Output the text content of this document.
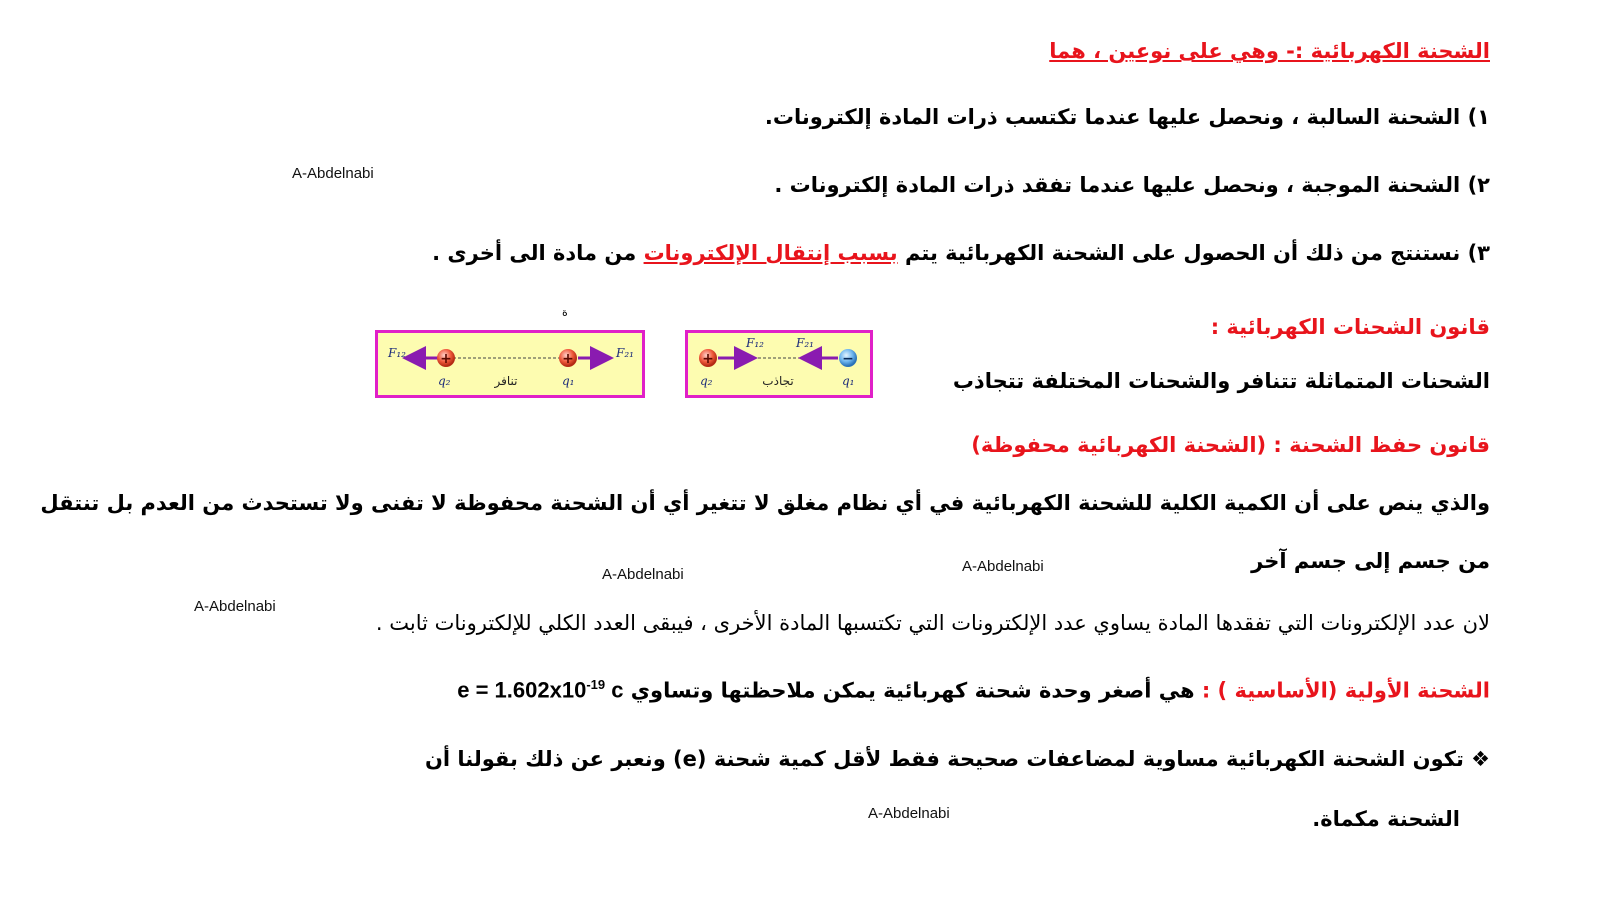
الشحنة الكهربائية :- وهي على نوعين ، هما
١) الشحنة السالبة ، ونحصل عليها عندما تكتسب ذرات المادة إلكترونات.
٢) الشحنة الموجبة ، ونحصل عليها عندما تفقد ذرات المادة إلكترونات .
٣) نستنتج من ذلك أن الحصول على الشحنة الكهربائية يتم بسبب إنتقال الإلكترونات من مادة الى أخرى .
قانون الشحنات الكهربائية :
الشحنات المتماثلة تتنافر والشحنات المختلفة تتجاذب
ة
+	+
F₁₂	F₂₁
q₂	q₁
تنافر
+	−
F₁₂	F₂₁
q₂	q₁
تجاذب
قانون حفظ الشحنة : (الشحنة الكهربائية محفوظة)
والذي ينص على أن الكمية الكلية للشحنة الكهربائية في أي نظام مغلق لا تتغير أي أن الشحنة محفوظة لا تفنى ولا تستحدث من العدم بل تنتقل
من جسم إلى جسم آخر
لان عدد الإلكترونات التي تفقدها المادة يساوي عدد الإلكترونات التي تكتسبها المادة الأخرى ، فيبقى العدد الكلي للإلكترونات ثابت .
الشحنة الأولية (الأساسية ) : هي أصغر وحدة شحنة كهربائية يمكن ملاحظتها وتساوي $e = 1.602x10^{-19}$ c
❖ تكون الشحنة الكهربائية مساوية لمضاعفات صحيحة فقط لأقل كمية شحنة (e) ونعبر عن ذلك بقولنا أن
الشحنة مكماة.
A-Abdelnabi
A-Abdelnabi	A-Abdelnabi
A-Abdelnabi
A-Abdelnabi
